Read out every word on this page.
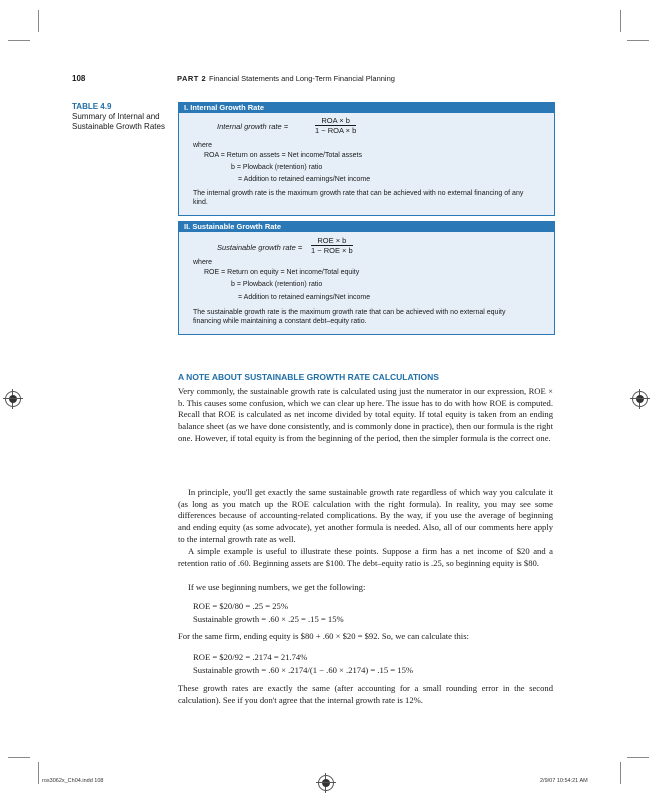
108	PART 2 Financial Statements and Long-Term Financial Planning
TABLE 4.9
Summary of Internal and Sustainable Growth Rates
I. Internal Growth Rate
Internal growth rate =
ROA × b
1 − ROA × b
where
ROA = Return on assets = Net income/Total assets
b = Plowback (retention) ratio
= Addition to retained earnings/Net income
The internal growth rate is the maximum growth rate that can be achieved with no external financing of any kind.
II. Sustainable Growth Rate
Sustainable growth rate =
ROE × b
1 − ROE × b
where
ROE = Return on equity = Net income/Total equity
b = Plowback (retention) ratio
= Addition to retained earnings/Net income
The sustainable growth rate is the maximum growth rate that can be achieved with no external equity financing while maintaining a constant debt–equity ratio.
A NOTE ABOUT SUSTAINABLE GROWTH RATE CALCULATIONS
Very commonly, the sustainable growth rate is calculated using just the numerator in our expression, ROE × b. This causes some confusion, which we can clear up here. The issue has to do with how ROE is computed. Recall that ROE is calculated as net income divided by total equity. If total equity is taken from an ending balance sheet (as we have done consistently, and is commonly done in practice), then our formula is the right one. However, if total equity is from the beginning of the period, then the simpler formula is the correct one.
In principle, you'll get exactly the same sustainable growth rate regardless of which way you calculate it (as long as you match up the ROE calculation with the right formula). In reality, you may see some differences because of accounting-related complications. By the way, if you use the average of beginning and ending equity (as some advocate), yet another formula is needed. Also, all of our comments here apply to the internal growth rate as well.
A simple example is useful to illustrate these points. Suppose a firm has a net income of $20 and a retention ratio of .60. Beginning assets are $100. The debt–equity ratio is .25, so beginning equity is $80.
If we use beginning numbers, we get the following:
ROE = $20/80 = .25 = 25%
Sustainable growth = .60 × .25 = .15 = 15%
For the same firm, ending equity is $80 + .60 × $20 = $92. So, we can calculate this:
ROE = $20/92 = .2174 = 21.74%
Sustainable growth = .60 × .2174/(1 − .60 × .2174) = .15 = 15%
These growth rates are exactly the same (after accounting for a small rounding error in the second calculation). See if you don't agree that the internal growth rate is 12%.
ros3062x_Ch04.indd 108	2/9/07 10:54:21 AM
